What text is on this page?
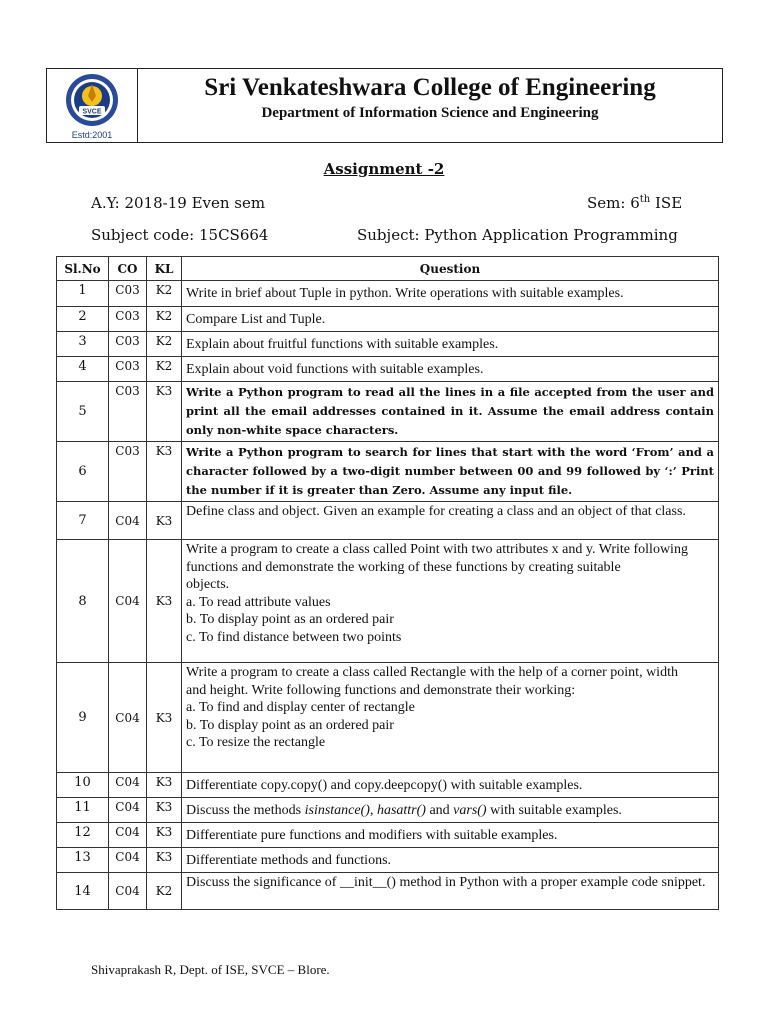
SVCE
Estd:2001
Sri Venkateshwara College of Engineering
Department of Information Science and Engineering
Assignment -2
A.Y: 2018-19 Even sem	Sem: 6th ISE
Subject code: 15CS664	Subject: Python Application Programming
Sl.No	CO	KL	Question
1	C03	K2	Write in brief about Tuple in python. Write operations with suitable examples.
2	C03	K2	Compare List and Tuple.
3	C03	K2	Explain about fruitful functions with suitable examples.
4	C03	K2	Explain about void functions with suitable examples.
5	C03	K3	Write a Python program to read all the lines in a file accepted from the user and print all the email addresses contained in it. Assume the email address contain only non-white space characters.
6	C03	K3	Write a Python program to search for lines that start with the word ‘From’ and a character followed by a two-digit number between 00 and 99 followed by ‘:’ Print the number if it is greater than Zero. Assume any input file.
7	C04	K3	Define class and object. Given an example for creating a class and an object of that class.
8	C04	K3	Write a program to create a class called Point with two attributes x and y. Write following functions and demonstrate the working of these functions by creating suitable
objects.
a. To read attribute values
b. To display point as an ordered pair
c. To find distance between two points

9	C04	K3	Write a program to create a class called Rectangle with the help of a corner point, width
and height. Write following functions and demonstrate their working:
a. To find and display center of rectangle
b. To display point as an ordered pair
c. To resize the rectangle

10	C04	K3	Differentiate copy.copy() and copy.deepcopy() with suitable examples.
11	C04	K3	Discuss the methods isinstance(), hasattr() and vars() with suitable examples.
12	C04	K3	Differentiate pure functions and modifiers with suitable examples.
13	C04	K3	Differentiate methods and functions.
14	C04	K2	Discuss the significance of __init__() method in Python with a proper example code snippet.
Shivaprakash R, Dept. of ISE, SVCE – Blore.
